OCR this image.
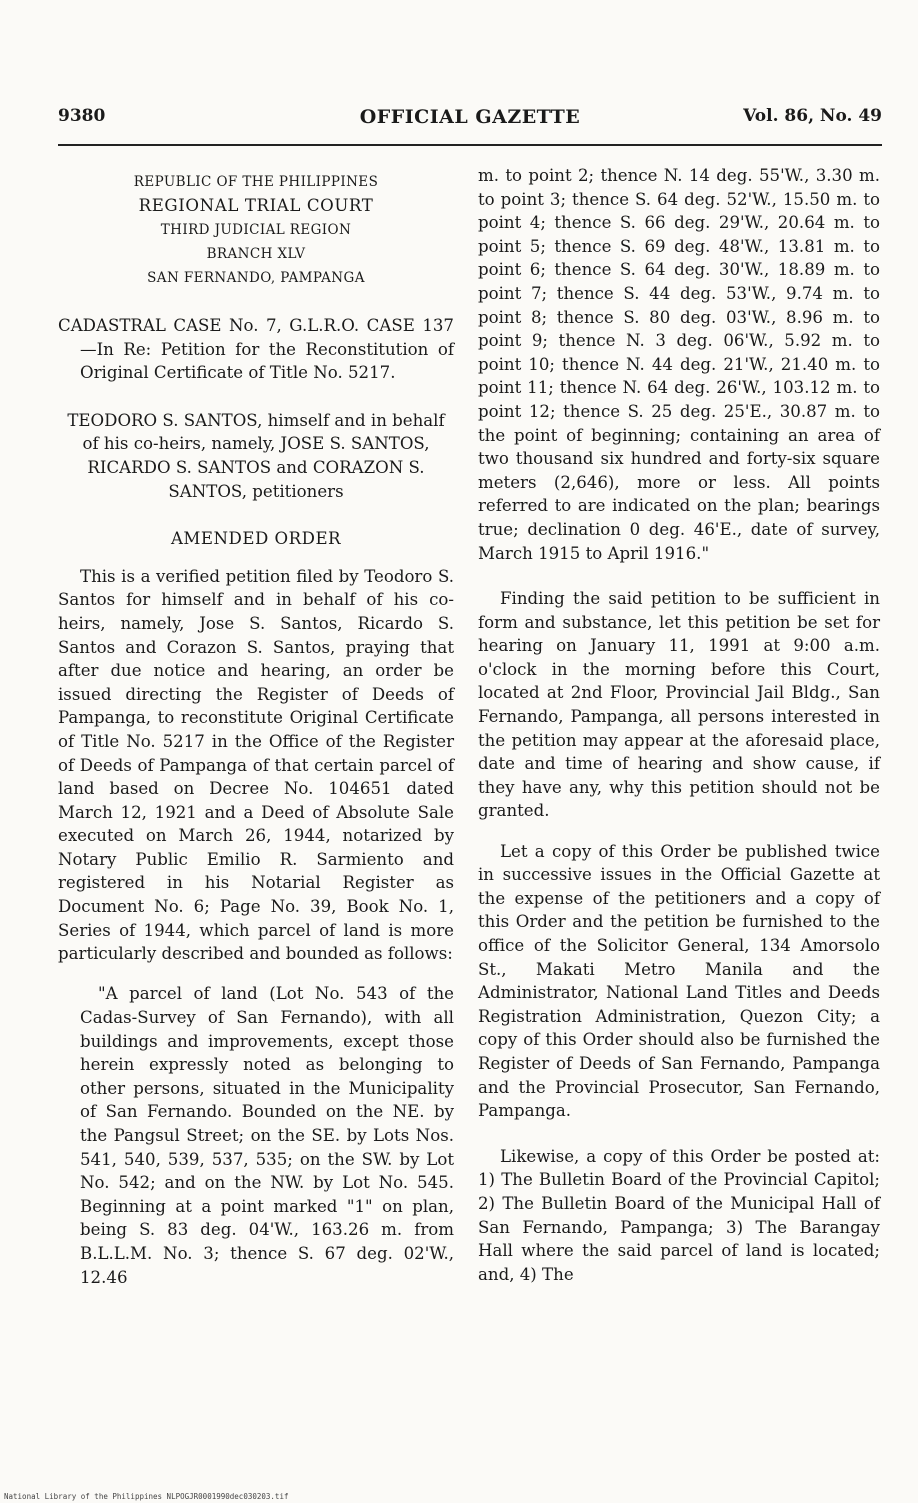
9380	OFFICIAL GAZETTE	Vol. 86, No. 49
REPUBLIC OF THE PHILIPPINES
REGIONAL TRIAL COURT
THIRD JUDICIAL REGION
BRANCH XLV
SAN FERNANDO, PAMPANGA
CADASTRAL CASE No. 7, G.L.R.O. CASE 137—In Re: Petition for the Reconstitution of Original Certificate of Title No. 5217.
TEODORO S. SANTOS, himself and in behalf of his co-heirs, namely, JOSE S. SANTOS, RICARDO S. SANTOS and CORAZON S. SANTOS, petitioners
AMENDED ORDER

This is a verified petition filed by Teodoro S. Santos for himself and in behalf of his co-heirs, namely, Jose S. Santos, Ricardo S. Santos and Corazon S. Santos, praying that after due notice and hearing, an order be issued directing the Register of Deeds of Pampanga, to reconstitute Original Certificate of Title No. 5217 in the Office of the Register of Deeds of Pampanga of that certain parcel of land based on Decree No. 104651 dated March 12, 1921 and a Deed of Absolute Sale executed on March 26, 1944, notarized by Notary Public Emilio R. Sarmiento and registered in his Notarial Register as Document No. 6; Page No. 39, Book No. 1, Series of 1944, which parcel of land is more particularly described and bounded as follows:

"A parcel of land (Lot No. 543 of the Cadas-Survey of San Fernando), with all buildings and improvements, except those herein expressly noted as belonging to other persons, situated in the Municipality of San Fernando. Bounded on the NE. by the Pangsul Street; on the SE. by Lots Nos. 541, 540, 539, 537, 535; on the SW. by Lot No. 542; and on the NW. by Lot No. 545. Beginning at a point marked "1" on plan, being S. 83 deg. 04'W., 163.26 m. from B.L.L.M. No. 3; thence S. 67 deg. 02'W., 12.46

m. to point 2; thence N. 14 deg. 55'W., 3.30 m. to point 3; thence S. 64 deg. 52'W., 15.50 m. to point 4; thence S. 66 deg. 29'W., 20.64 m. to point 5; thence S. 69 deg. 48'W., 13.81 m. to point 6; thence S. 64 deg. 30'W., 18.89 m. to point 7; thence S. 44 deg. 53'W., 9.74 m. to point 8; thence S. 80 deg. 03'W., 8.96 m. to point 9; thence N. 3 deg. 06'W., 5.92 m. to point 10; thence N. 44 deg. 21'W., 21.40 m. to point 11; thence N. 64 deg. 26'W., 103.12 m. to point 12; thence S. 25 deg. 25'E., 30.87 m. to the point of beginning; containing an area of two thousand six hundred and forty-six square meters (2,646), more or less. All points referred to are indicated on the plan; bearings true; declination 0 deg. 46'E., date of survey, March 1915 to April 1916."

Finding the said petition to be sufficient in form and substance, let this petition be set for hearing on January 11, 1991 at 9:00 a.m. o'clock in the morning before this Court, located at 2nd Floor, Provincial Jail Bldg., San Fernando, Pampanga, all persons interested in the petition may appear at the aforesaid place, date and time of hearing and show cause, if they have any, why this petition should not be granted.

Let a copy of this Order be published twice in successive issues in the Official Gazette at the expense of the petitioners and a copy of this Order and the petition be furnished to the office of the Solicitor General, 134 Amorsolo St., Makati Metro Manila and the Administrator, National Land Titles and Deeds Registration Administration, Quezon City; a copy of this Order should also be furnished the Register of Deeds of San Fernando, Pampanga and the Provincial Prosecutor, San Fernando, Pampanga.

Likewise, a copy of this Order be posted at: 1) The Bulletin Board of the Provincial Capitol; 2) The Bulletin Board of the Municipal Hall of San Fernando, Pampanga; 3) The Barangay Hall where the said parcel of land is located; and, 4) The

National Library of the Philippines NLPOGJR0001990dec030203.tif
